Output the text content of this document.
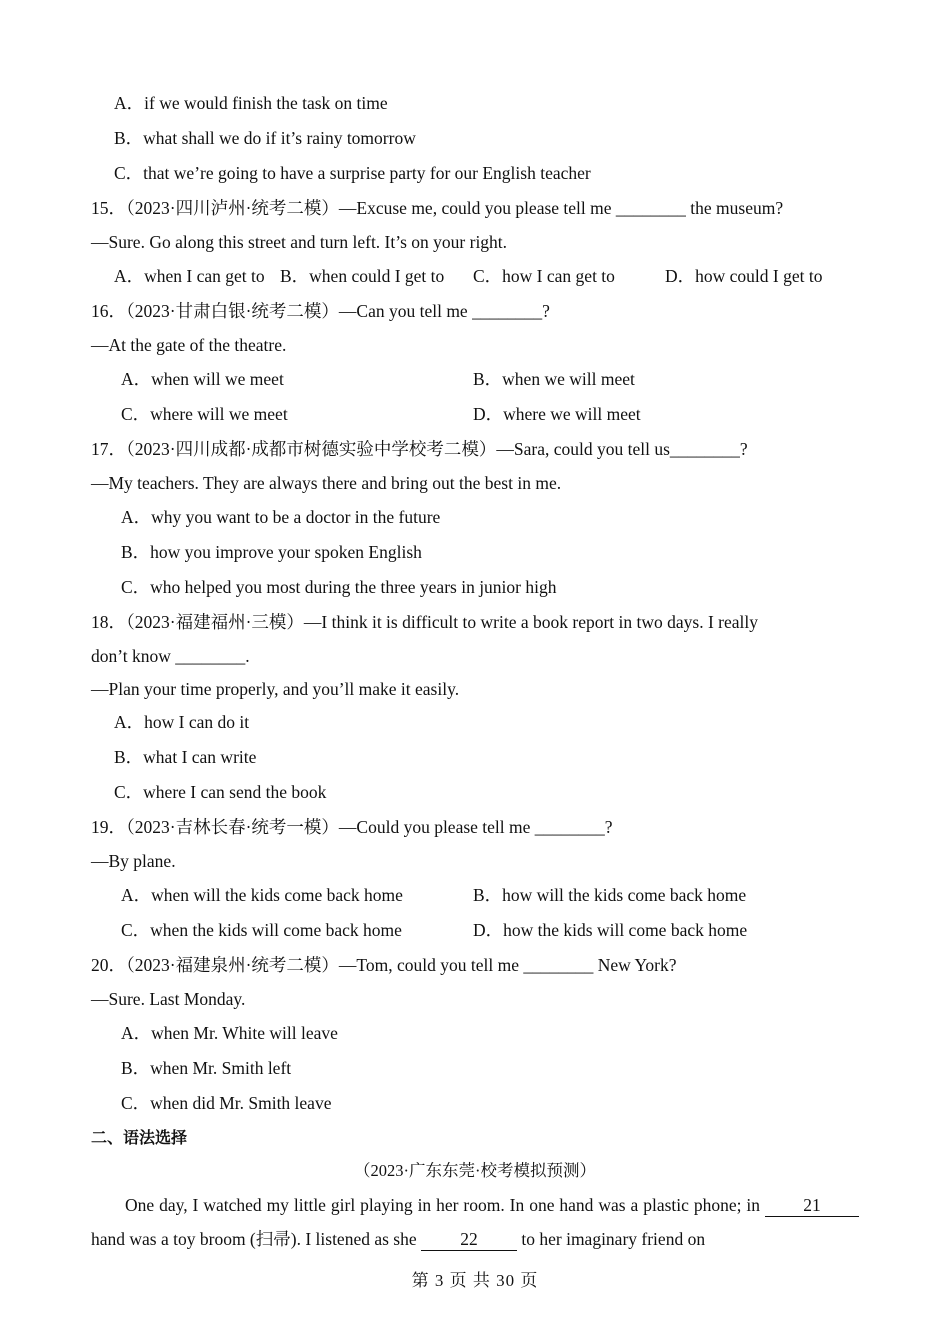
A．if we would finish the task on time
B．what shall we do if it’s rainy tomorrow
C．that we’re going to have a surprise party for our English teacher
15．（2023·四川泸州·统考二模）—Excuse me, could you please tell me ________ the museum?
—Sure. Go along this street and turn left. It’s on your right.
A．when I can get to B．when could I get to C．how I can get to	D．how could I get to
16．（2023·甘肃白银·统考二模）—Can you tell me ________?
—At the gate of the theatre.
A．when will we meet	B．when we will meet
C．where will we meet	D．where we will meet
17．（2023·四川成都·成都市树德实验中学校考二模）—Sara, could you tell us________?
—My teachers. They are always there and bring out the best in me.
A．why you want to be a doctor in the future
B．how you improve your spoken English
C．who helped you most during the three years in junior high
18．（2023·福建福州·三模）—I think it is difficult to write a book report in two days. I really
don’t know ________.
—Plan your time properly, and you’ll make it easily.
A．how I can do it
B．what I can write
C．where I can send the book
19．（2023·吉林长春·统考一模）—Could you please tell me ________?
—By plane.
A．when will the kids come back home	B．how will the kids come back home
C．when the kids will come back home	D．how the kids will come back home
20．（2023·福建泉州·统考二模）—Tom, could you tell me ________ New York?
—Sure. Last Monday.
A．when Mr. White will leave
B．when Mr. Smith left
C．when did Mr. Smith leave
二、语法选择
（2023·广东东莞·校考模拟预测）
One day, I watched my little girl playing in her room. In one hand was a plastic phone; in 21 hand was a toy broom (扫帚). I listened as she 22 to her imaginary friend on
第 3 页 共 30 页
